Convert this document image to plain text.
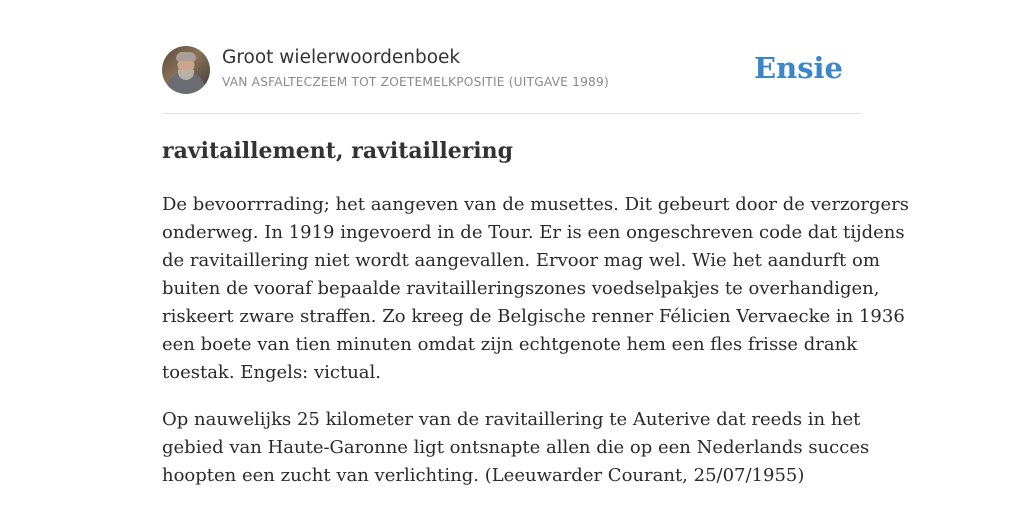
Groot wielerwoordenboek
VAN ASFALTECZEEM TOT ZOETEMELKPOSITIE (UITGAVE 1989)	Ensie
ravitaillement, ravitaillering

De bevoorrrading; het aangeven van de musettes. Dit gebeurt door de verzorgers
onderweg. In 1919 ingevoerd in de Tour. Er is een ongeschreven code dat tijdens
de ravitaillering niet wordt aangevallen. Ervoor mag wel. Wie het aandurft om
buiten de vooraf bepaalde ravitailleringszones voedselpakjes te overhandigen,
riskeert zware straffen. Zo kreeg de Belgische renner Félicien Vervaecke in 1936
een boete van tien minuten omdat zijn echtgenote hem een fles frisse drank
toestak. Engels: victual.

Op nauwelijks 25 kilometer van de ravitaillering te Auterive dat reeds in het
gebied van Haute-Garonne ligt ontsnapte allen die op een Nederlands succes
hoopten een zucht van verlichting. (Leeuwarder Courant, 25/07/1955)
